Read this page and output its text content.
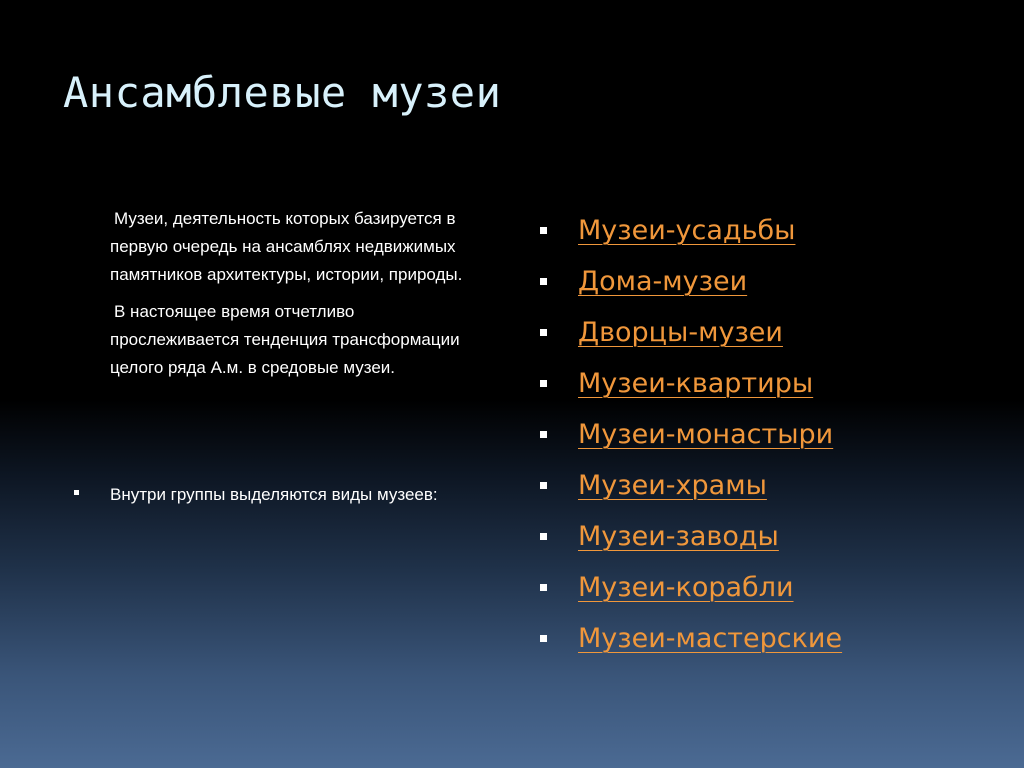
Ансамблевые музеи

Музеи, деятельность которых базируется в первую очередь на ансамблях недвижимых памятников архитектуры, истории, природы.

В настоящее время отчетливо прослеживается тенденция трансформации целого ряда А.м. в средовые музеи.

Внутри группы выделяются виды музеев:
Музеи-усадьбы
Дома-музеи
Дворцы-музеи
Музеи-квартиры
Музеи-монастыри
Музеи-храмы
Музеи-заводы
Музеи-корабли
Музеи-мастерские
